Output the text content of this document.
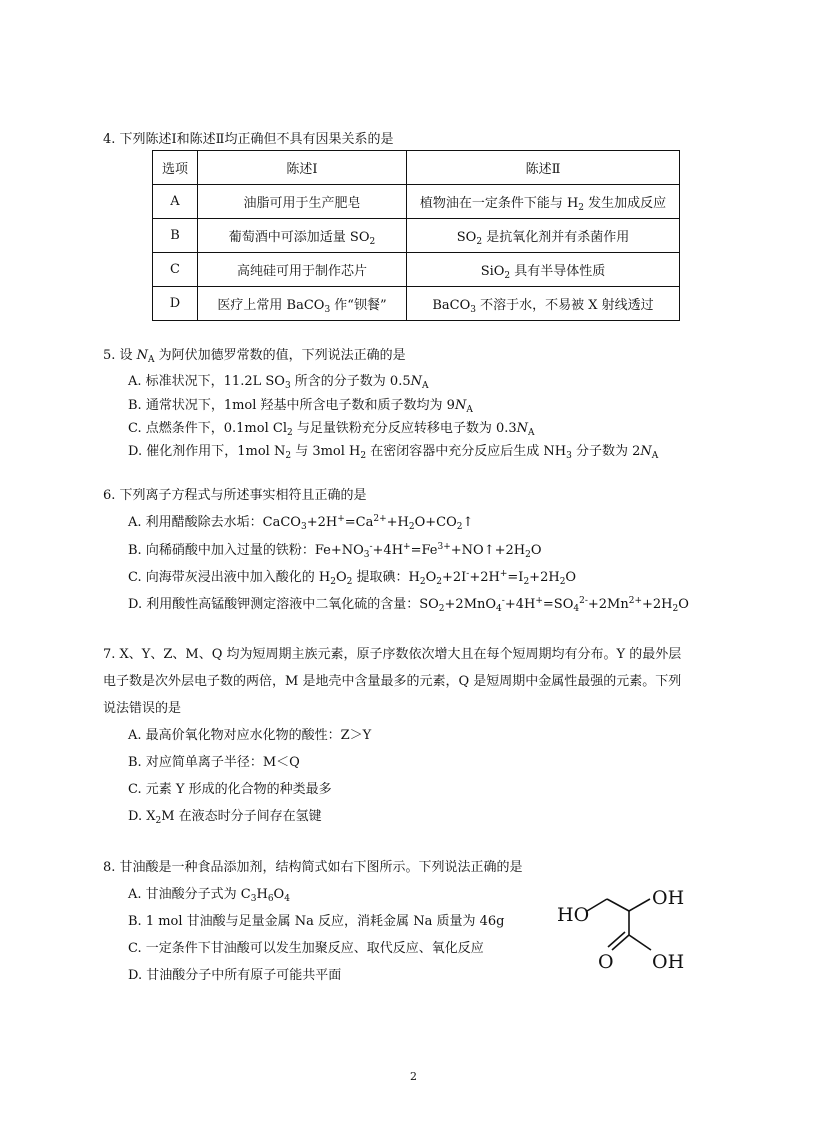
4. 下列陈述Ⅰ和陈述Ⅱ均正确但不具有因果关系的是
选项	陈述Ⅰ	陈述Ⅱ
A	油脂可用于生产肥皂	植物油在一定条件下能与 $H_2$ 发生加成反应
B	葡萄酒中可添加适量 $SO_2$	$SO_2$ 是抗氧化剂并有杀菌作用
C	高纯硅可用于制作芯片	SiO$_2$ 具有半导体性质
D	医疗上常用 BaCO$_3$ 作“钡餐”	BaCO$_3$ 不溶于水，不易被 X 射线透过
5. 设 $N_A$ 为阿伏加德罗常数的值，下列说法正确的是
A. 标准状况下，11.2L $SO_3$ 所含的分子数为 $0.5N_A$
B. 通常状况下，1mol 羟基中所含电子数和质子数均为 $9N_A$
C. 点燃条件下，0.1mol $Cl_2$ 与足量铁粉充分反应转移电子数为 $0.3N_A$
D. 催化剂作用下，1mol $N_2$ 与 3mol $H_2$ 在密闭容器中充分反应后生成 $NH_3$ 分子数为 $2N_A$
6. 下列离子方程式与所述事实相符且正确的是
A. 利用醋酸除去水垢：$CaCO_3+2H^+=Ca^{2+}+H_2O+CO_2↑$
B. 向稀硝酸中加入过量的铁粉：$Fe+NO_3^-+4H^+=Fe^{3+}+NO↑+2H_2O$
C. 向海带灰浸出液中加入酸化的 $H_2O_2$ 提取碘：$H_2O_2+2I^-+2H^+=I_2+2H_2O$
D. 利用酸性高锰酸钾测定溶液中二氧化硫的含量：$SO_2+2MnO_4^-+4H^+=SO_4^{2-}+2Mn^{2+}+2H_2O$
7. X、Y、Z、M、Q 均为短周期主族元素，原子序数依次增大且在每个短周期均有分布。Y 的最外层
电子数是次外层电子数的两倍，M 是地壳中含量最多的元素，Q 是短周期中金属性最强的元素。下列
说法错误的是
A. 最高价氧化物对应水化物的酸性：Z＞Y
B. 对应简单离子半径：M＜Q
C. 元素 Y 形成的化合物的种类最多
D. $X_2M$ 在液态时分子间存在氢键
8. 甘油酸是一种食品添加剂，结构简式如右下图所示。下列说法正确的是
A. 甘油酸分子式为 $C_3H_6O_4$
B. 1 mol 甘油酸与足量金属 Na 反应，消耗金属 Na 质量为 46g
C. 一定条件下甘油酸可以发生加聚反应、取代反应、氧化反应
D. 甘油酸分子中所有原子可能共平面
HO
OH
O OH
2
